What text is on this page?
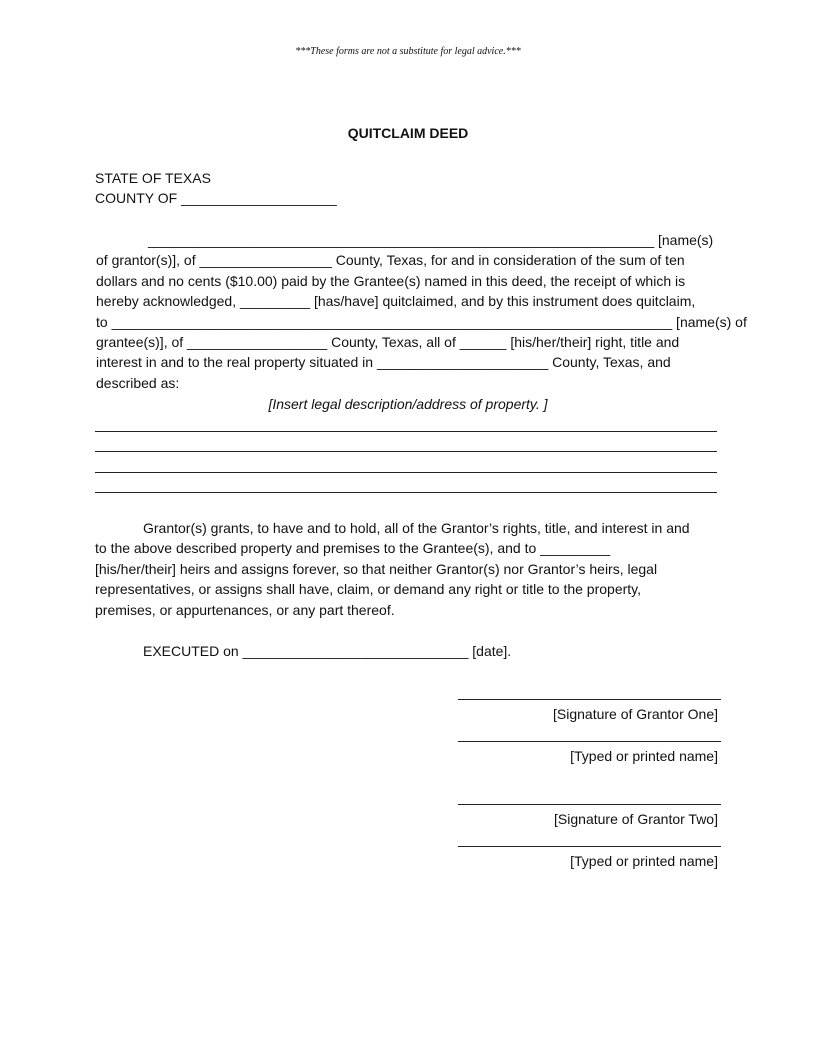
***These forms are not a substitute for legal advice.***
QUITCLAIM DEED
STATE OF TEXAS
COUNTY OF ____________________
_________________________________________________________________ [name(s)
of grantor(s)], of _________________ County, Texas, for and in consideration of the sum of ten
dollars and no cents ($10.00) paid by the Grantee(s) named in this deed, the receipt of which is
hereby acknowledged, _________ [has/have] quitclaimed, and by this instrument does quitclaim,
to ________________________________________________________________________ [name(s) of
grantee(s)], of __________________ County, Texas, all of ______ [his/her/their] right, title and
interest in and to the real property situated in ______________________ County, Texas, and
described as:
[Insert legal description/address of property. ]
Grantor(s) grants, to have and to hold, all of the Grantor’s rights, title, and interest in and
to the above described property and premises to the Grantee(s), and to _________
[his/her/their] heirs and assigns forever, so that neither Grantor(s) nor Grantor’s heirs, legal
representatives, or assigns shall have, claim, or demand any right or title to the property,
premises, or appurtenances, or any part thereof.
EXECUTED on _____________________________ [date].
[Signature of Grantor One]
[Typed or printed name]
[Signature of Grantor Two]
[Typed or printed name]
